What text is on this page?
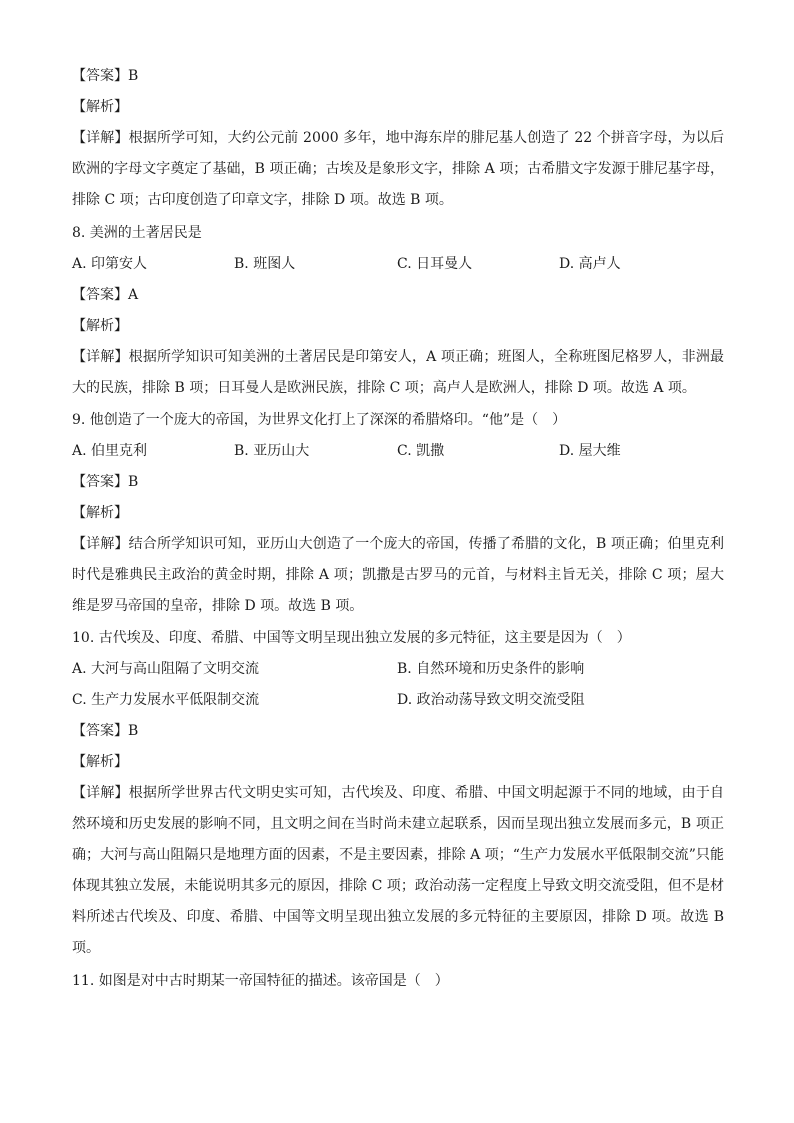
【答案】B
【解析】
【详解】根据所学可知，大约公元前 2000 多年，地中海东岸的腓尼基人创造了 22 个拼音字母，为以后欧洲的字母文字奠定了基础，B 项正确；古埃及是象形文字，排除 A 项；古希腊文字发源于腓尼基字母，排除 C 项；古印度创造了印章文字，排除 D 项。故选 B 项。
8. 美洲的土著居民是
A. 印第安人	B. 班图人	C. 日耳曼人	D. 高卢人
【答案】A
【解析】
【详解】根据所学知识可知美洲的土著居民是印第安人，A 项正确；班图人，全称班图尼格罗人，非洲最大的民族，排除 B 项；日耳曼人是欧洲民族，排除 C 项；高卢人是欧洲人，排除 D 项。故选 A 项。
9. 他创造了一个庞大的帝国，为世界文化打上了深深的希腊烙印。“他”是（　）
A. 伯里克利	B. 亚历山大	C. 凯撒	D. 屋大维
【答案】B
【解析】
【详解】结合所学知识可知，亚历山大创造了一个庞大的帝国，传播了希腊的文化，B 项正确；伯里克利时代是雅典民主政治的黄金时期，排除 A 项；凯撒是古罗马的元首，与材料主旨无关，排除 C 项；屋大维是罗马帝国的皇帝，排除 D 项。故选 B 项。
10. 古代埃及、印度、希腊、中国等文明呈现出独立发展的多元特征，这主要是因为（　）
A. 大河与高山阻隔了文明交流	B. 自然环境和历史条件的影响
C. 生产力发展水平低限制交流	D. 政治动荡导致文明交流受阻
【答案】B
【解析】
【详解】根据所学世界古代文明史实可知，古代埃及、印度、希腊、中国文明起源于不同的地域，由于自然环境和历史发展的影响不同，且文明之间在当时尚未建立起联系，因而呈现出独立发展而多元，B 项正确；大河与高山阻隔只是地理方面的因素，不是主要因素，排除 A 项；“生产力发展水平低限制交流”只能体现其独立发展，未能说明其多元的原因，排除 C 项；政治动荡一定程度上导致文明交流受阻，但不是材料所述古代埃及、印度、希腊、中国等文明呈现出独立发展的多元特征的主要原因，排除 D 项。故选 B 项。
11. 如图是对中古时期某一帝国特征的描述。该帝国是（　）
